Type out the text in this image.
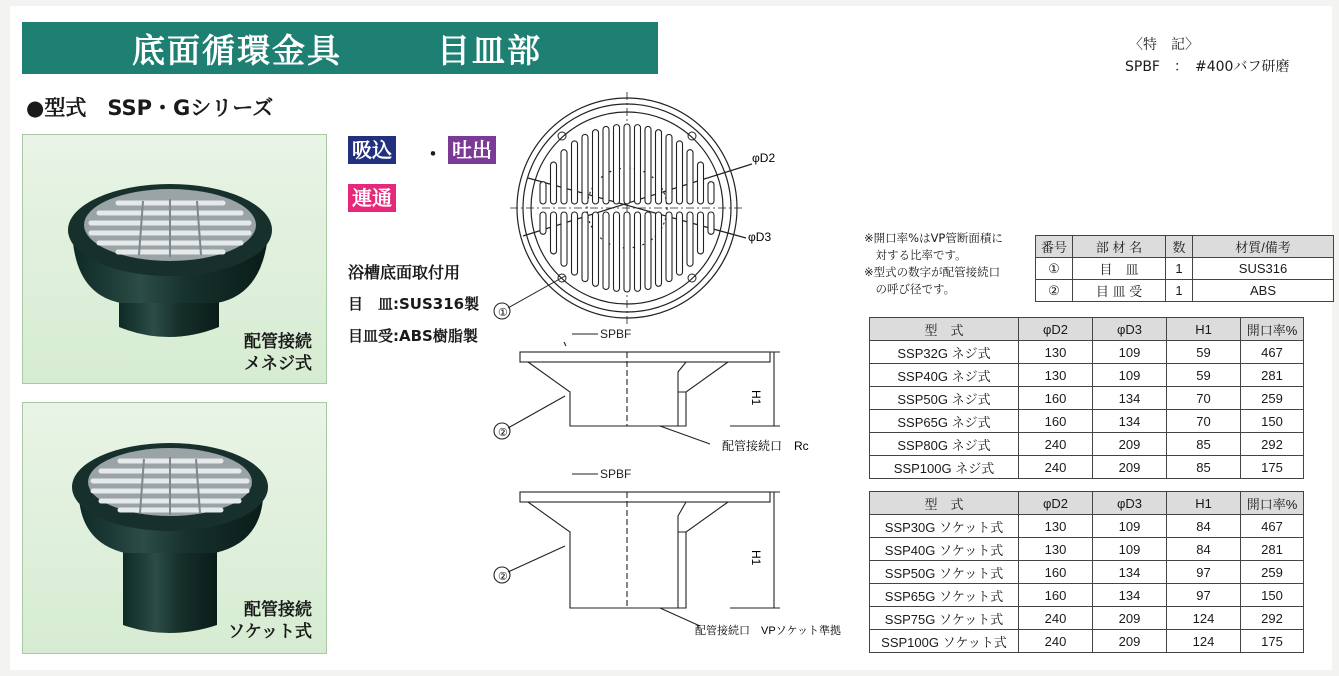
底面循環金具	目皿部	〈特　記〉
SPBF　：　#400バフ研磨
●型式　SSP・Gシリーズ
配管接続
メネジ式
配管接続
ソケット式
吸込 ・ 吐出
連通
浴槽底面取付用
目　皿:SUS316製
目皿受:ABS樹脂製
①
φD2
φD3
SPBF
②
H1
配管接続口　Rc
SPBF
②
H1
配管接続口　VPソケット準拠
※開口率%はVP管断面積に
　対する比率です。
※型式の数字が配管接続口
　の呼び径です。
番号	部 材 名	数	材質/備考
①	目　皿	1	SUS316
②	目 皿 受	1	ABS
型　式	φD2	φD3	H1	開口率%
SSP32G ネジ式	130	109	59	467
SSP40G ネジ式	130	109	59	281
SSP50G ネジ式	160	134	70	259
SSP65G ネジ式	160	134	70	150
SSP80G ネジ式	240	209	85	292
SSP100G ネジ式	240	209	85	175
型　式	φD2	φD3	H1	開口率%
SSP30G ソケット式	130	109	84	467
SSP40G ソケット式	130	109	84	281
SSP50G ソケット式	160	134	97	259
SSP65G ソケット式	160	134	97	150
SSP75G ソケット式	240	209	124	292
SSP100G ソケット式	240	209	124	175
